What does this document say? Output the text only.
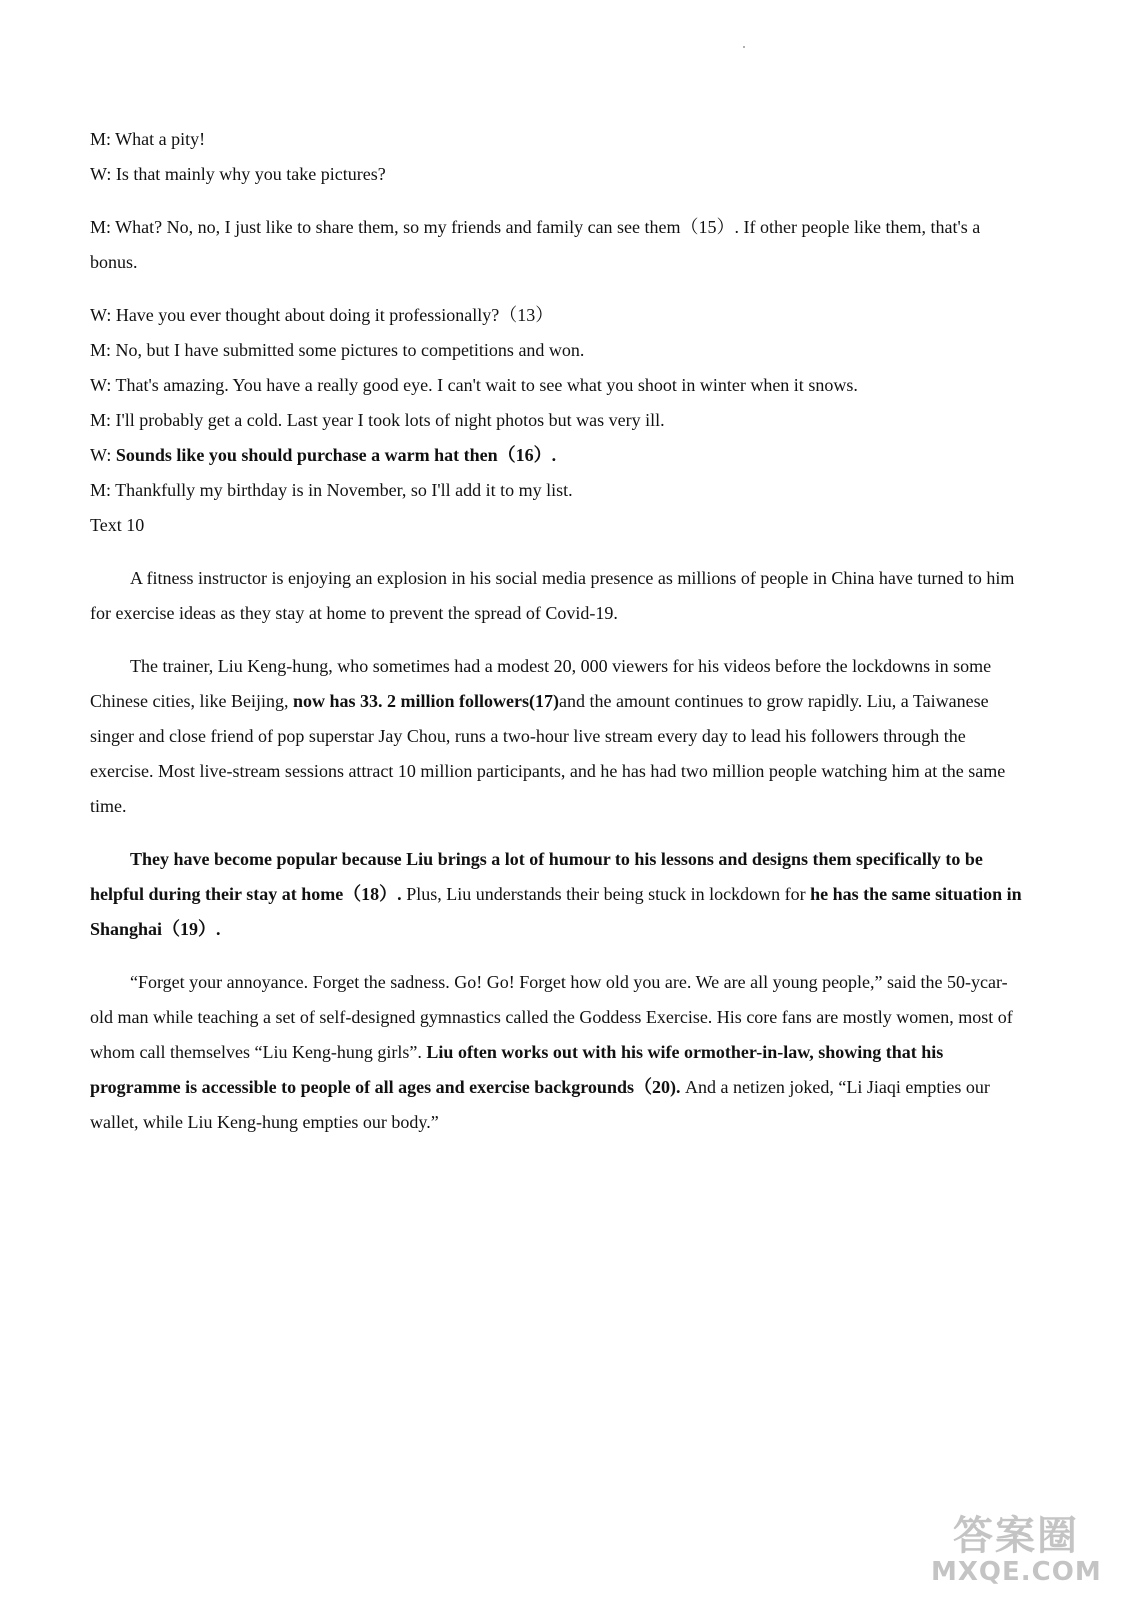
M: What a pity!

W: Is that mainly why you take pictures?

M: What? No, no, I just like to share them, so my friends and family can see them（15）. If other people like them, that's a bonus.

W: Have you ever thought about doing it professionally?（13）

M: No, but I have submitted some pictures to competitions and won.

W: That's amazing. You have a really good eye. I can't wait to see what you shoot in winter when it snows.

M: I'll probably get a cold. Last year I took lots of night photos but was very ill.

W: Sounds like you should purchase a warm hat then（16）.

M: Thankfully my birthday is in November, so I'll add it to my list.

Text 10

A fitness instructor is enjoying an explosion in his social media presence as millions of people in China have turned to him for exercise ideas as they stay at home to prevent the spread of Covid-19.

The trainer, Liu Keng-hung, who sometimes had a modest 20, 000 viewers for his videos before the lockdowns in some Chinese cities, like Beijing, now has 33. 2 million followers(17)and the amount continues to grow rapidly. Liu, a Taiwanese singer and close friend of pop superstar Jay Chou, runs a two-hour live stream every day to lead his followers through the exercise. Most live-stream sessions attract 10 million participants, and he has had two million people watching him at the same time.

They have become popular because Liu brings a lot of humour to his lessons and designs them specifically to be helpful during their stay at home（18）. Plus, Liu understands their being stuck in lockdown for he has the same situation in Shanghai（19）.

“Forget your annoyance. Forget the sadness. Go! Go! Forget how old you are. We are all young people,” said the 50-ycar-old man while teaching a set of self-designed gymnastics called the Goddess Exercise. His core fans are mostly women, most of whom call themselves “Liu Keng-hung girls”. Liu often works out with his wife ormother-in-law, showing that his programme is accessible to people of all ages and exercise backgrounds（20). And a netizen joked, “Li Jiaqi empties our wallet, while Liu Keng-hung empties our body.”

答案圈
MXQE.COM
